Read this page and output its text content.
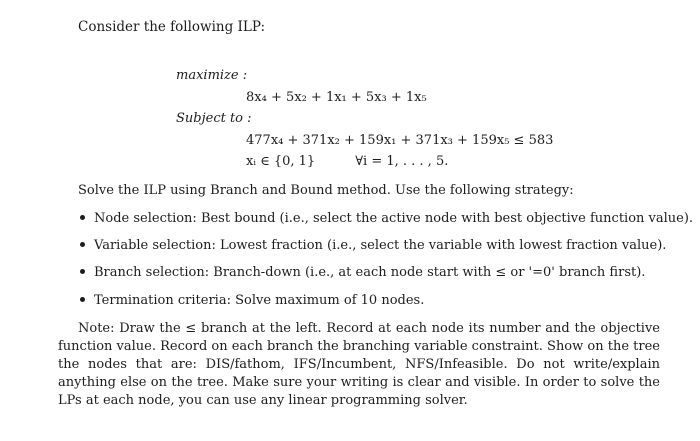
Consider the following ILP:
maximize :
8x₄ + 5x₂ + 1x₁ + 5x₃ + 1x₅
Subject to :
477x₄ + 371x₂ + 159x₁ + 371x₃ + 159x₅ ≤ 583
xᵢ ∈ {0, 1}	∀i = 1, . . . , 5.
Solve the ILP using Branch and Bound method. Use the following strategy:
Node selection: Best bound (i.e., select the active node with best objective function value).
Variable selection: Lowest fraction (i.e., select the variable with lowest fraction value).
Branch selection: Branch-down (i.e., at each node start with ≤ or '=0' branch first).
Termination criteria: Solve maximum of 10 nodes.
Note: Draw the ≤ branch at the left. Record at each node its number and the objective function value. Record on each branch the branching variable constraint. Show on the tree the nodes that are: DIS/fathom, IFS/Incumbent, NFS/Infeasible. Do not write/explain anything else on the tree. Make sure your writing is clear and visible. In order to solve the LPs at each node, you can use any linear programming solver.
